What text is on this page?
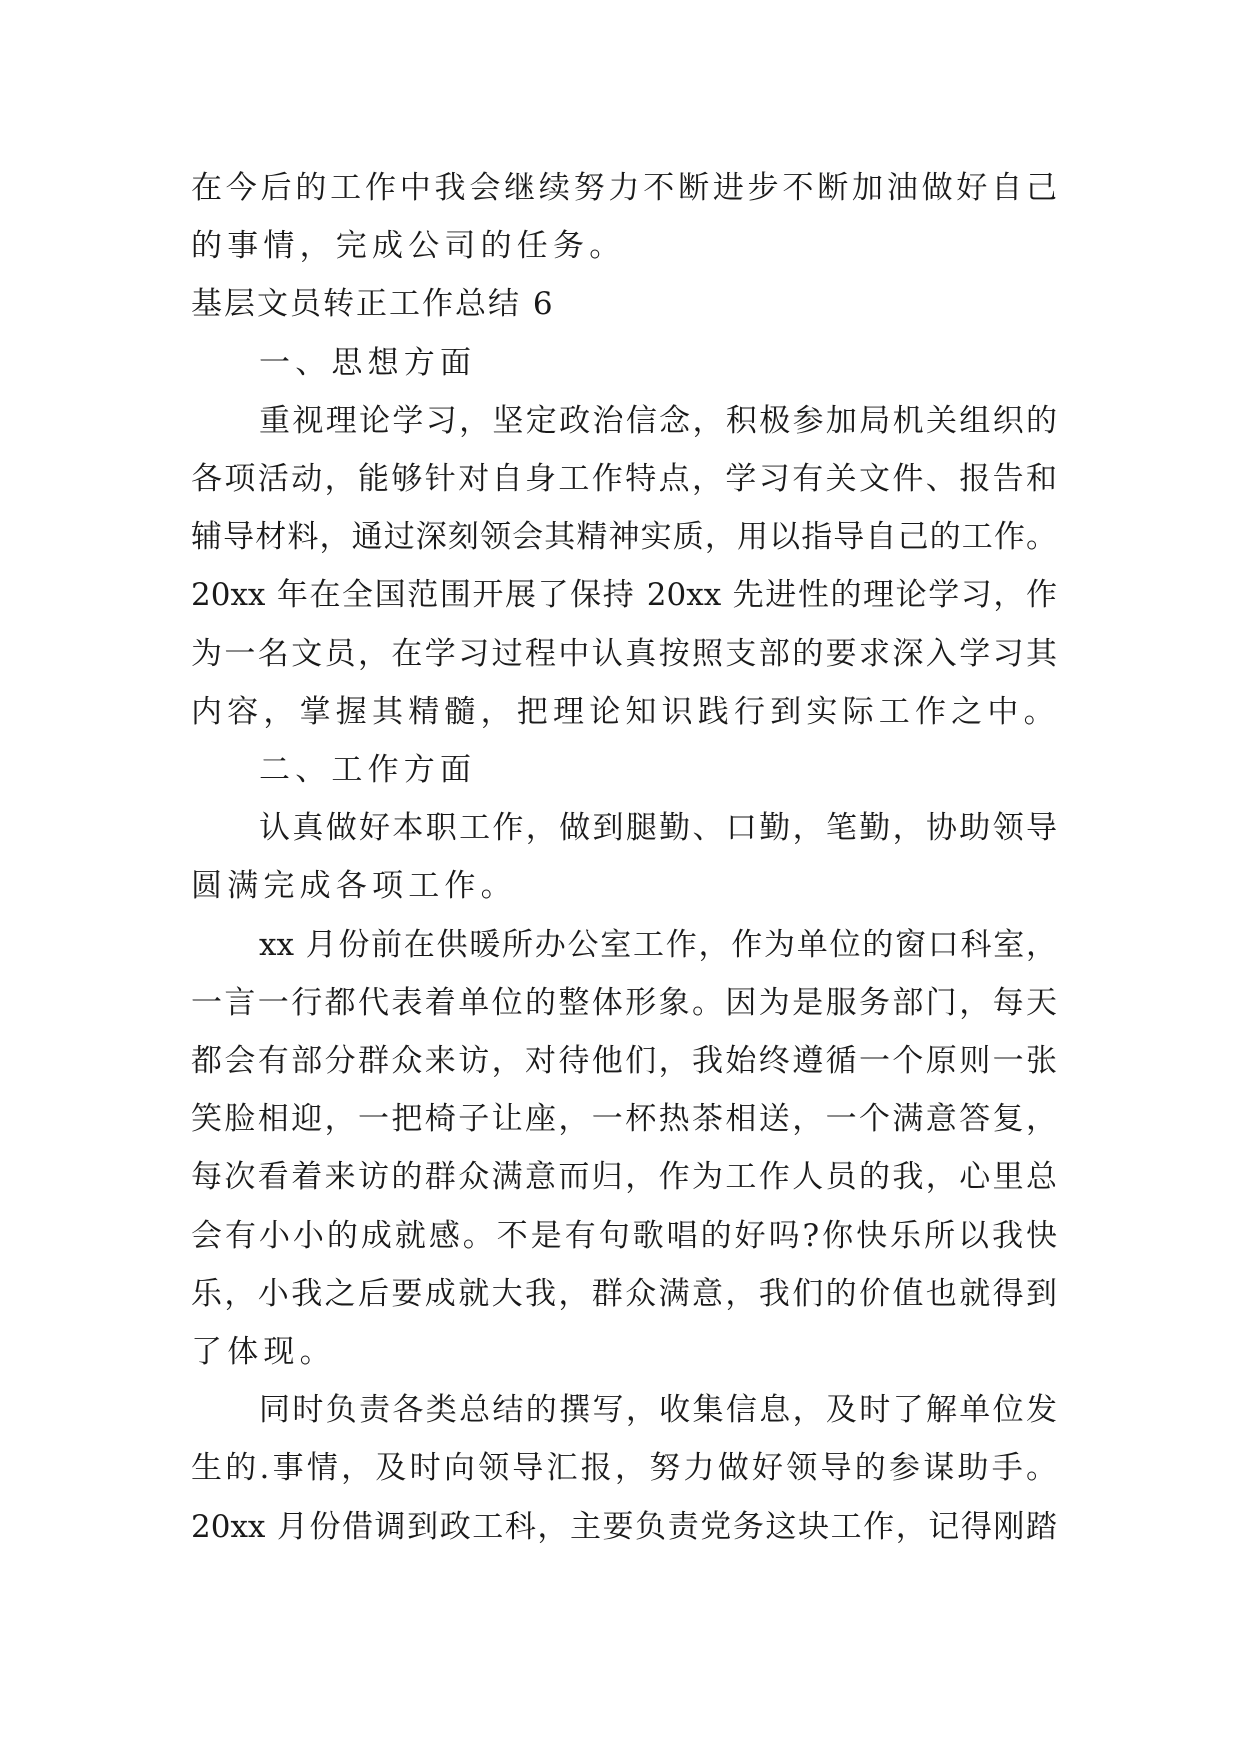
在今后的工作中我会继续努力不断进步不断加油做好自己

的事情，完成公司的任务。

基层文员转正工作总结 6

一、思想方面

重视理论学习，坚定政治信念，积极参加局机关组织的

各项活动，能够针对自身工作特点，学习有关文件、报告和

辅导材料，通过深刻领会其精神实质，用以指导自己的工作。

20xx 年在全国范围开展了保持 20xx 先进性的理论学习，作

为一名文员，在学习过程中认真按照支部的要求深入学习其

内容，掌握其精髓，把理论知识践行到实际工作之中。

二、工作方面

认真做好本职工作，做到腿勤、口勤，笔勤，协助领导

圆满完成各项工作。

xx 月份前在供暖所办公室工作，作为单位的窗口科室，

一言一行都代表着单位的整体形象。因为是服务部门，每天

都会有部分群众来访，对待他们，我始终遵循一个原则一张

笑脸相迎，一把椅子让座，一杯热茶相送，一个满意答复，

每次看着来访的群众满意而归，作为工作人员的我，心里总

会有小小的成就感。不是有句歌唱的好吗?你快乐所以我快

乐，小我之后要成就大我，群众满意，我们的价值也就得到

了体现。

同时负责各类总结的撰写，收集信息，及时了解单位发

生的.事情，及时向领导汇报，努力做好领导的参谋助手。

20xx 月份借调到政工科，主要负责党务这块工作，记得刚踏
